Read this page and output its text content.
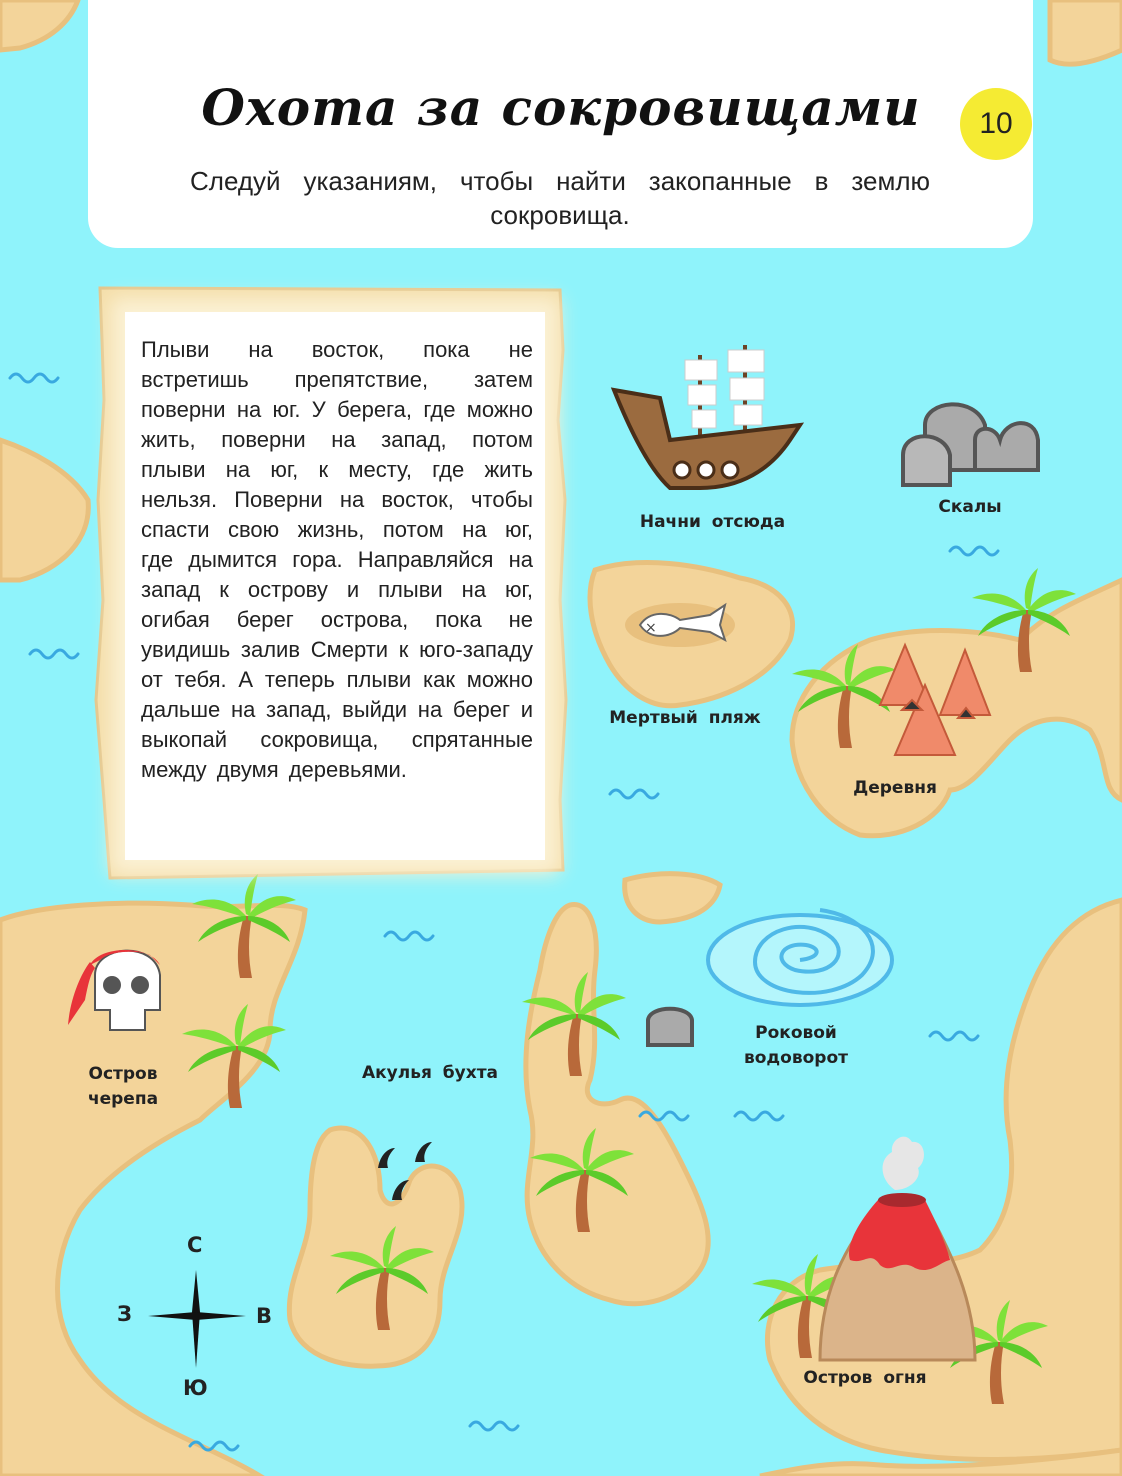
×
Охота за сокровищами	10
Следуй указаниям, чтобы найти закопанные в землю сокровища.
Плыви на восток, пока не встретишь препятствие, затем поверни на юг. У берега, где можно жить, поверни на запад, потом плыви на юг, к месту, где жить нельзя. Поверни на восток, чтобы спасти свою жизнь, потом на юг, где дымится гора. Направляйся на запад к острову и плыви на юг, огибая берег острова, пока не увидишь залив Смерти к юго-западу от тебя. А теперь плыви как можно дальше на запад, выйди на берег и выкопай сокровища, спрятанные между двумя деревьями.
Начни отсюда
Скалы
Мертвый пляж
Деревня
Остров
черепа
Акулья бухта
Роковой
водоворот
Остров огня
С
Ю
З	В
